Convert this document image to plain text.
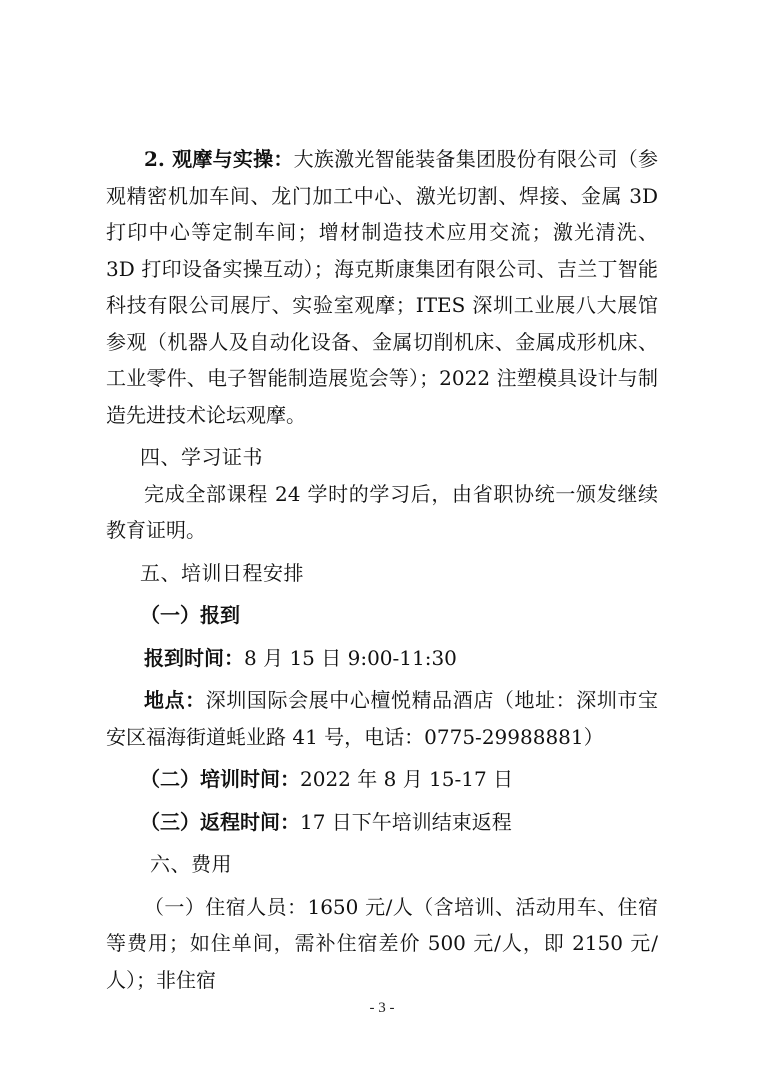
2. 观摩与实操：大族激光智能装备集团股份有限公司（参观精密机加车间、龙门加工中心、激光切割、焊接、金属 3D 打印中心等定制车间；增材制造技术应用交流；激光清洗、 3D 打印设备实操互动）；海克斯康集团有限公司、吉兰丁智能科技有限公司展厅、实验室观摩；ITES 深圳工业展八大展馆参观（机器人及自动化设备、金属切削机床、金属成形机床、工业零件、电子智能制造展览会等）；2022 注塑模具设计与制造先进技术论坛观摩。

四、学习证书

完成全部课程 24 学时的学习后，由省职协统一颁发继续教育证明。

五、培训日程安排

（一）报到

报到时间：8 月 15 日 9:00-11:30

地点：深圳国际会展中心檀悦精品酒店（地址：深圳市宝安区福海街道蚝业路 41 号，电话：0775-29988881）

（二）培训时间：2022 年 8 月 15-17 日

（三）返程时间：17 日下午培训结束返程

六、费用

（一）住宿人员：1650 元/人（含培训、活动用车、住宿等费用；如住单间，需补住宿差价 500 元/人，即 2150 元/人）；非住宿

- 3 -
